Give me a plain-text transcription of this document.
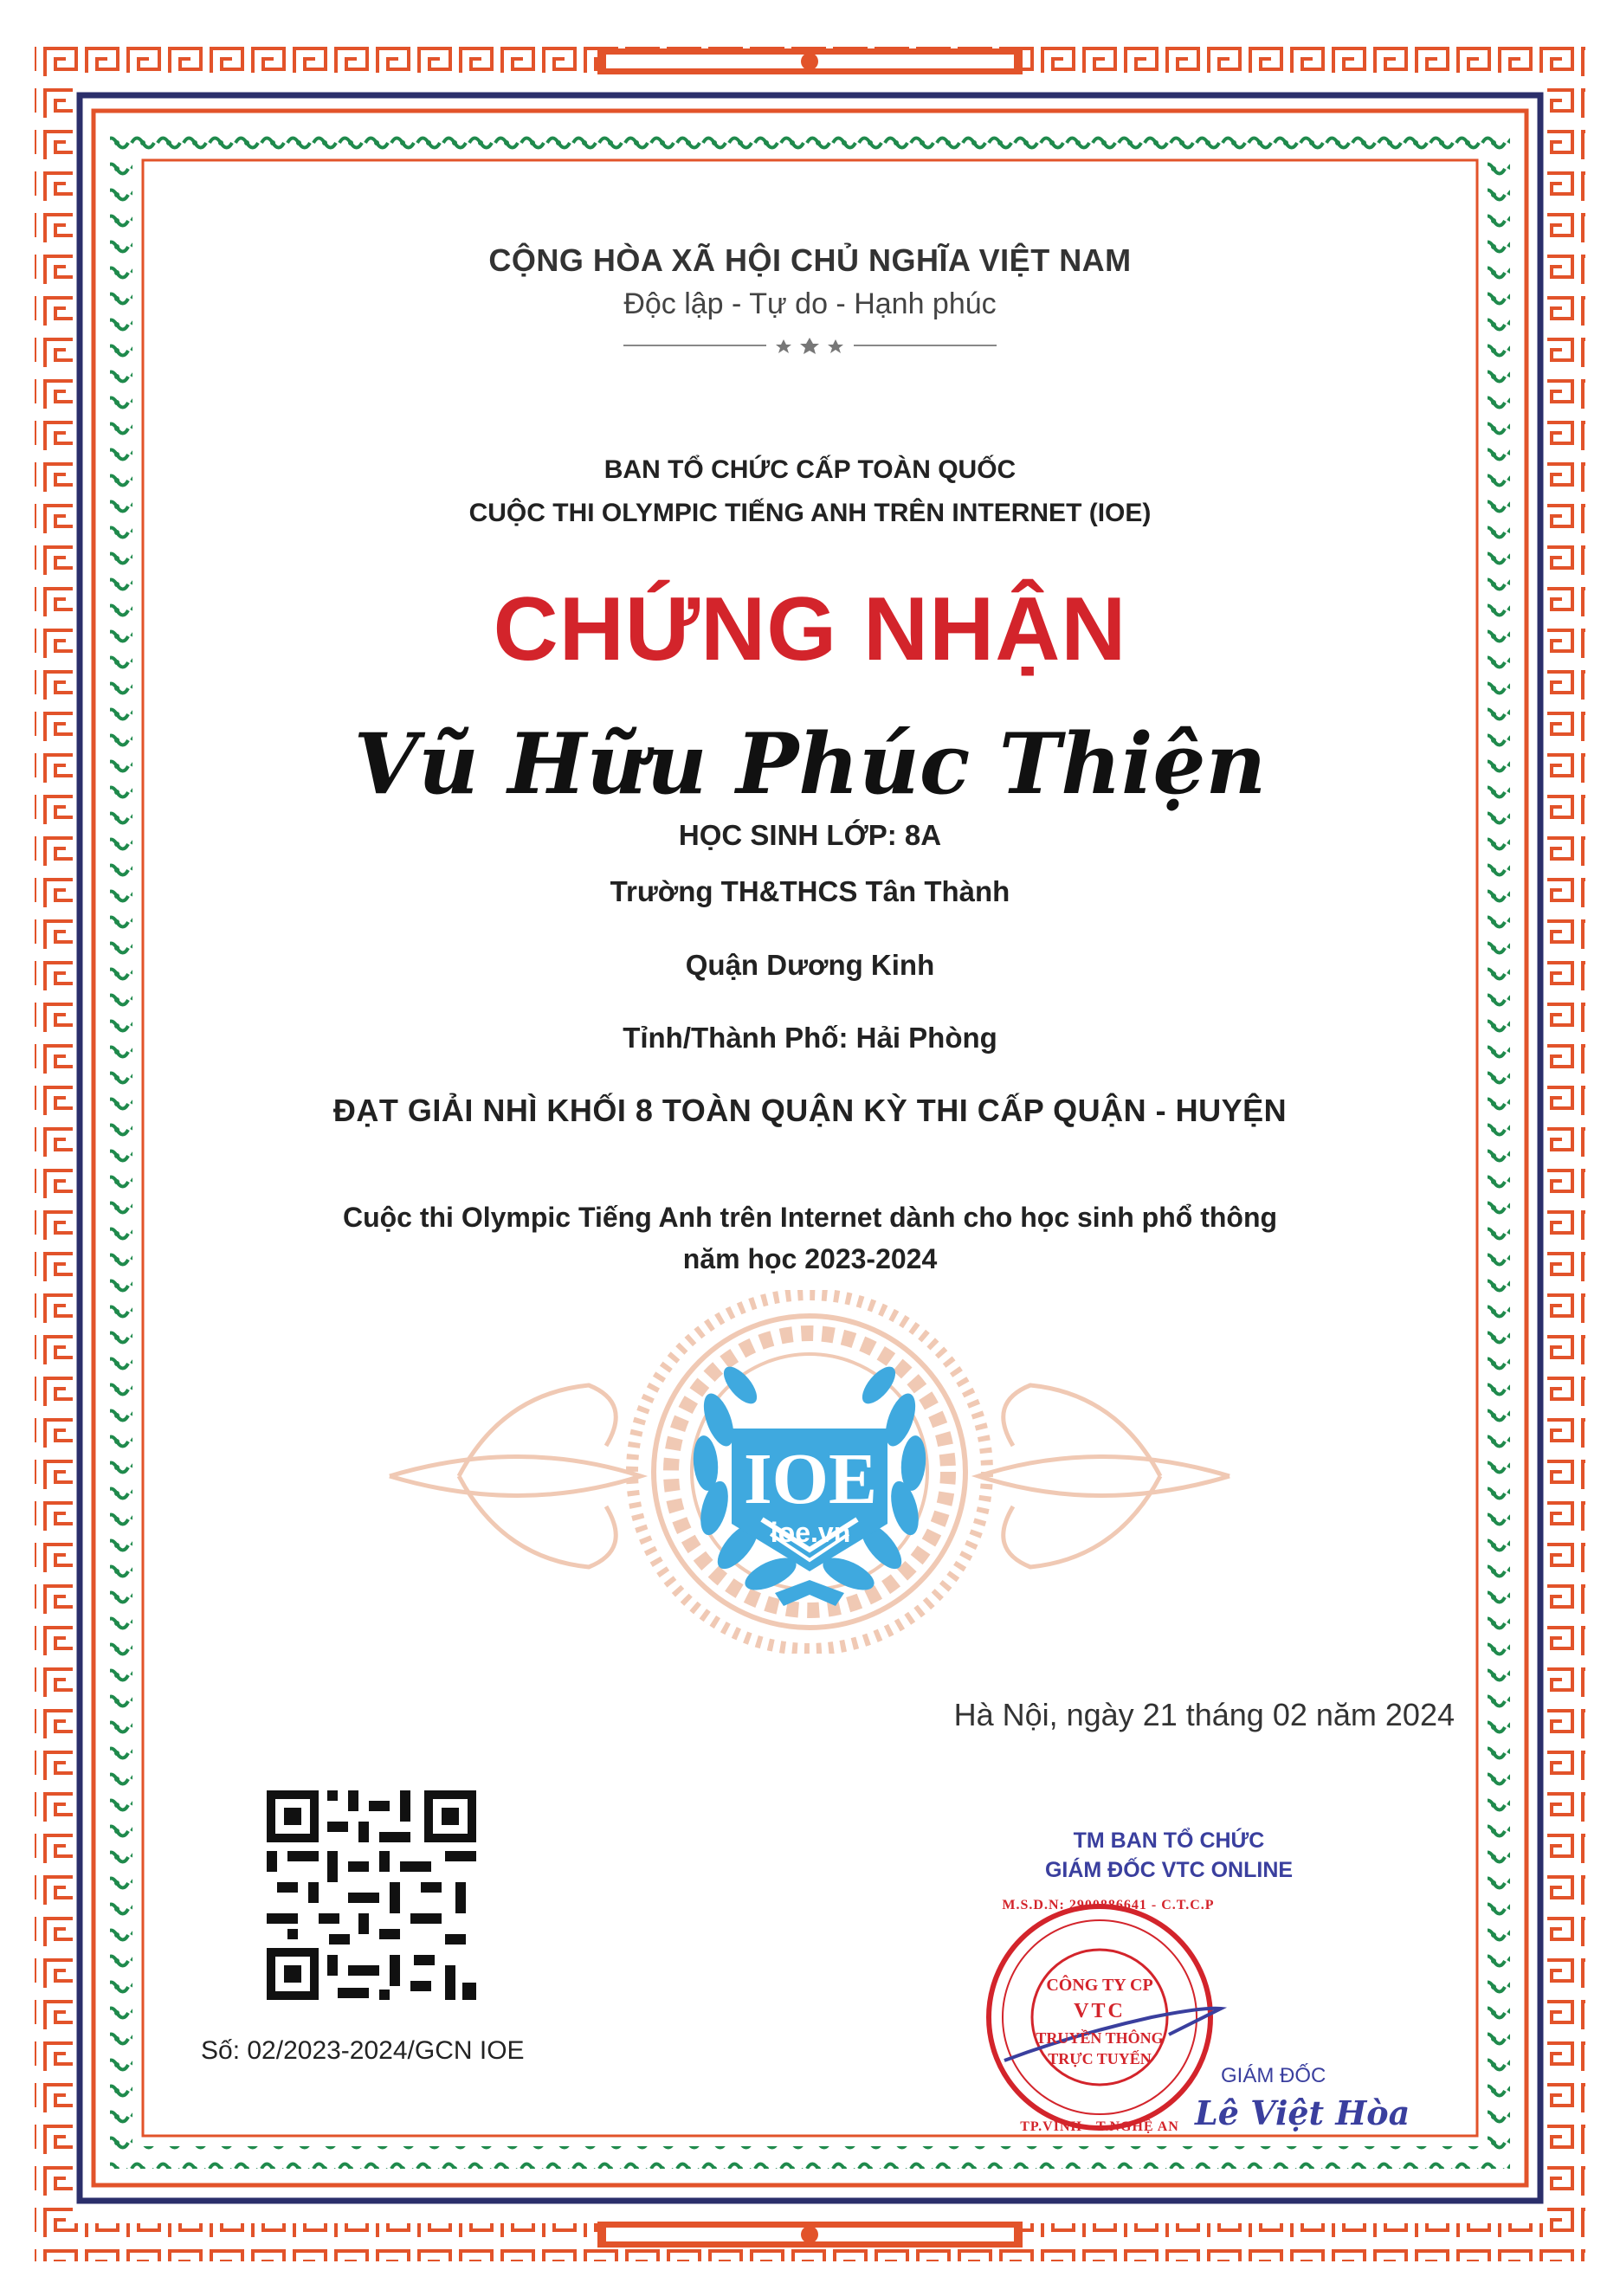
CỘNG HÒA XÃ HỘI CHỦ NGHĨA VIỆT NAM
Độc lập - Tự do - Hạnh phúc
BAN TỔ CHỨC CẤP TOÀN QUỐC
CUỘC THI OLYMPIC TIẾNG ANH TRÊN INTERNET (IOE)
CHỨNG NHẬN
Vũ Hữu Phúc Thiện
HỌC SINH LỚP: 8A
Trường TH&THCS Tân Thành
Quận Dương Kinh
Tỉnh/Thành Phố: Hải Phòng
ĐẠT GIẢI NHÌ KHỐI 8 TOÀN QUẬN KỲ THI CẤP QUẬN - HUYỆN
Cuộc thi Olympic Tiếng Anh trên Internet dành cho học sinh phổ thông
năm học 2023-2024
IOE
ioe.vn
Hà Nội, ngày 21 tháng 02 năm 2024
Số: 02/2023-2024/GCN IOE
TM BAN TỔ CHỨC
GIÁM ĐỐC VTC ONLINE
M.S.D.N: 2900886641 - C.T.C.P
CÔNG TY CP
VTC
TRUYỀN THÔNG
TRỰC TUYẾN
TP.VINH - T.NGHỆ AN
GIÁM ĐỐC
Lê Việt Hòa
